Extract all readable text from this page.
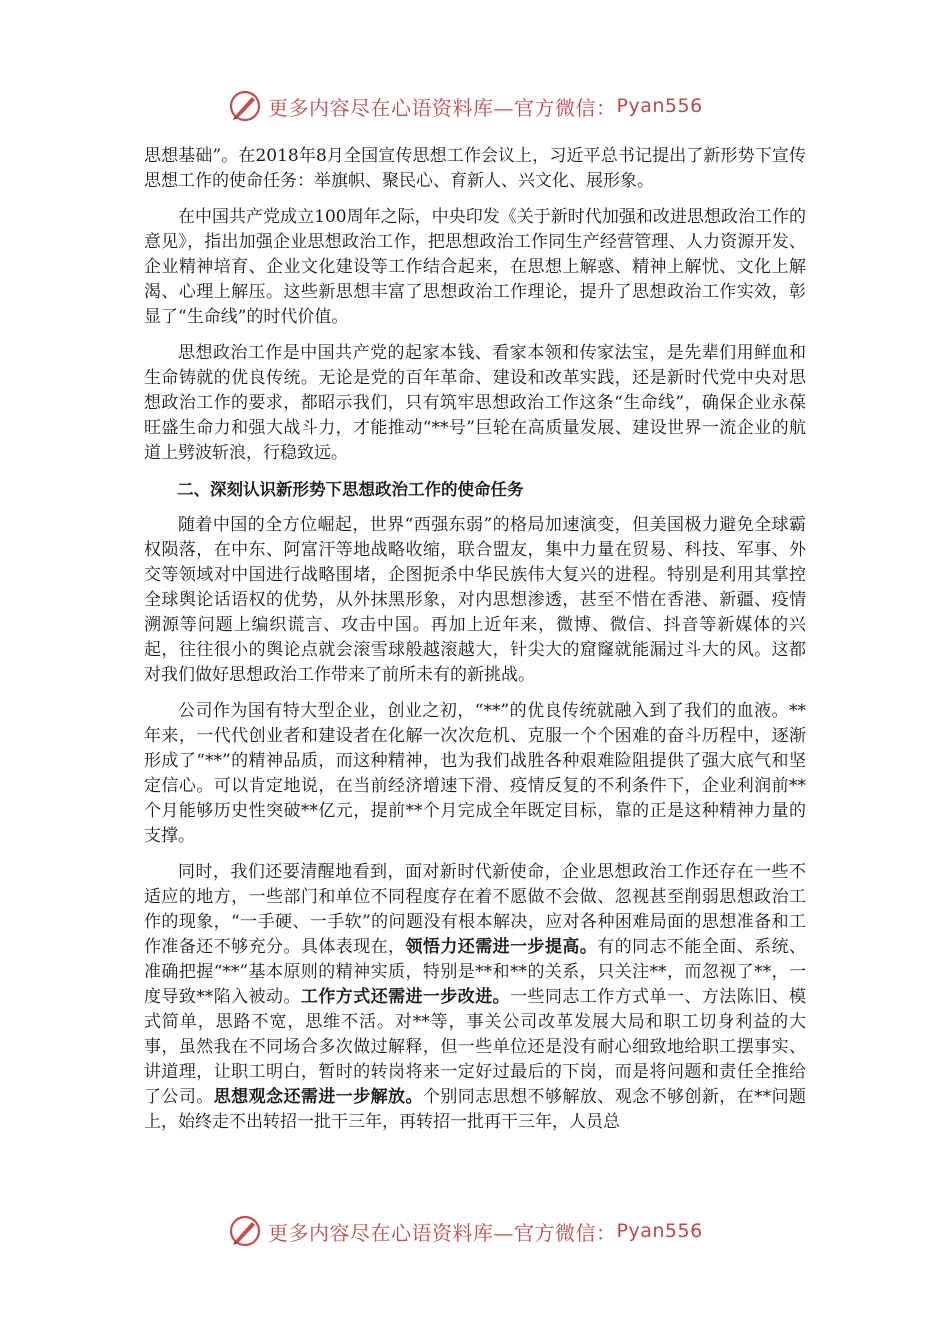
更多内容尽在心语资料库—官方微信： Pyan556

思想基础”。在2018年8月全国宣传思想工作会议上，习近平总书记提出了新形势下宣传思想工作的使命任务：举旗帜、聚民心、育新人、兴文化、展形象。

在中国共产党成立100周年之际，中央印发《关于新时代加强和改进思想政治工作的意见》，指出加强企业思想政治工作，把思想政治工作同生产经营管理、人力资源开发、企业精神培育、企业文化建设等工作结合起来，在思想上解惑、精神上解忧、文化上解渴、心理上解压。这些新思想丰富了思想政治工作理论，提升了思想政治工作实效，彰显了“生命线”的时代价值。

思想政治工作是中国共产党的起家本钱、看家本领和传家法宝，是先辈们用鲜血和生命铸就的优良传统。无论是党的百年革命、建设和改革实践，还是新时代党中央对思想政治工作的要求，都昭示我们，只有筑牢思想政治工作这条“生命线”，确保企业永葆旺盛生命力和强大战斗力，才能推动“**号”巨轮在高质量发展、建设世界一流企业的航道上劈波斩浪，行稳致远。

二、深刻认识新形势下思想政治工作的使命任务

随着中国的全方位崛起，世界“西强东弱”的格局加速演变，但美国极力避免全球霸权陨落，在中东、阿富汗等地战略收缩，联合盟友，集中力量在贸易、科技、军事、外交等领域对中国进行战略围堵，企图扼杀中华民族伟大复兴的进程。特别是利用其掌控全球舆论话语权的优势，从外抹黑形象，对内思想渗透，甚至不惜在香港、新疆、疫情溯源等问题上编织谎言、攻击中国。再加上近年来，微博、微信、抖音等新媒体的兴起，往往很小的舆论点就会滚雪球般越滚越大，针尖大的窟窿就能漏过斗大的风。这都对我们做好思想政治工作带来了前所未有的新挑战。

公司作为国有特大型企业，创业之初，“**”的优良传统就融入到了我们的血液。**年来，一代代创业者和建设者在化解一次次危机、克服一个个困难的奋斗历程中，逐渐形成了“**”的精神品质，而这种精神，也为我们战胜各种艰难险阻提供了强大底气和坚定信心。可以肯定地说，在当前经济增速下滑、疫情反复的不利条件下，企业利润前**个月能够历史性突破**亿元，提前**个月完成全年既定目标，靠的正是这种精神力量的支撑。

同时，我们还要清醒地看到，面对新时代新使命，企业思想政治工作还存在一些不适应的地方，一些部门和单位不同程度存在着不愿做不会做、忽视甚至削弱思想政治工作的现象，“一手硬、一手软”的问题没有根本解决，应对各种困难局面的思想准备和工作准备还不够充分。具体表现在，领悟力还需进一步提高。有的同志不能全面、系统、准确把握“**”基本原则的精神实质，特别是**和**的关系，只关注**，而忽视了**，一度导致**陷入被动。工作方式还需进一步改进。一些同志工作方式单一、方法陈旧、模式简单，思路不宽，思维不活。对**等，事关公司改革发展大局和职工切身利益的大事，虽然我在不同场合多次做过解释，但一些单位还是没有耐心细致地给职工摆事实、讲道理，让职工明白，暂时的转岗将来一定好过最后的下岗，而是将问题和责任全推给了公司。思想观念还需进一步解放。个别同志思想不够解放、观念不够创新，在**问题上，始终走不出转招一批干三年，再转招一批再干三年，人员总

更多内容尽在心语资料库—官方微信： Pyan556
